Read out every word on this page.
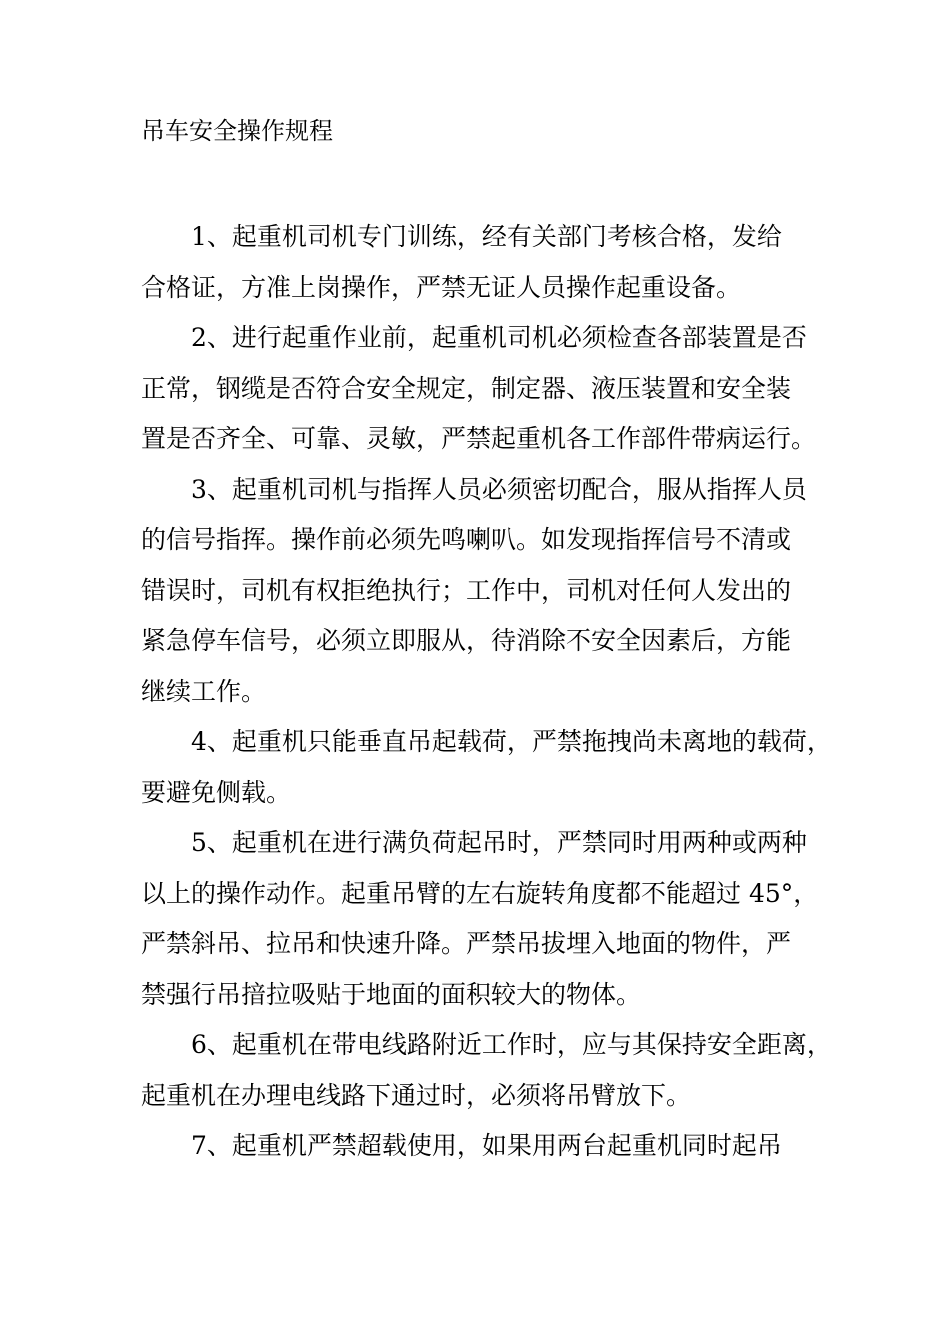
吊车安全操作规程

1、起重机司机专门训练，经有关部门考核合格，发给
合格证，方准上岗操作，严禁无证人员操作起重设备。

2、进行起重作业前，起重机司机必须检查各部装置是否
正常，钢缆是否符合安全规定，制定器、液压装置和安全装
置是否齐全、可靠、灵敏，严禁起重机各工作部件带病运行。

3、起重机司机与指挥人员必须密切配合，服从指挥人员
的信号指挥。操作前必须先鸣喇叭。如发现指挥信号不清或
错误时，司机有权拒绝执行；工作中，司机对任何人发出的
紧急停车信号，必须立即服从，待消除不安全因素后，方能
继续工作。

4、起重机只能垂直吊起载荷，严禁拖拽尚未离地的载荷，
要避免侧载。

5、起重机在进行满负荷起吊时，严禁同时用两种或两种
以上的操作动作。起重吊臂的左右旋转角度都不能超过 45°，
严禁斜吊、拉吊和快速升降。严禁吊拔埋入地面的物件，严
禁强行吊揞拉吸贴于地面的面积较大的物体。

6、起重机在带电线路附近工作时，应与其保持安全距离，
起重机在办理电线路下通过时，必须将吊臂放下。

7、起重机严禁超载使用，如果用两台起重机同时起吊
